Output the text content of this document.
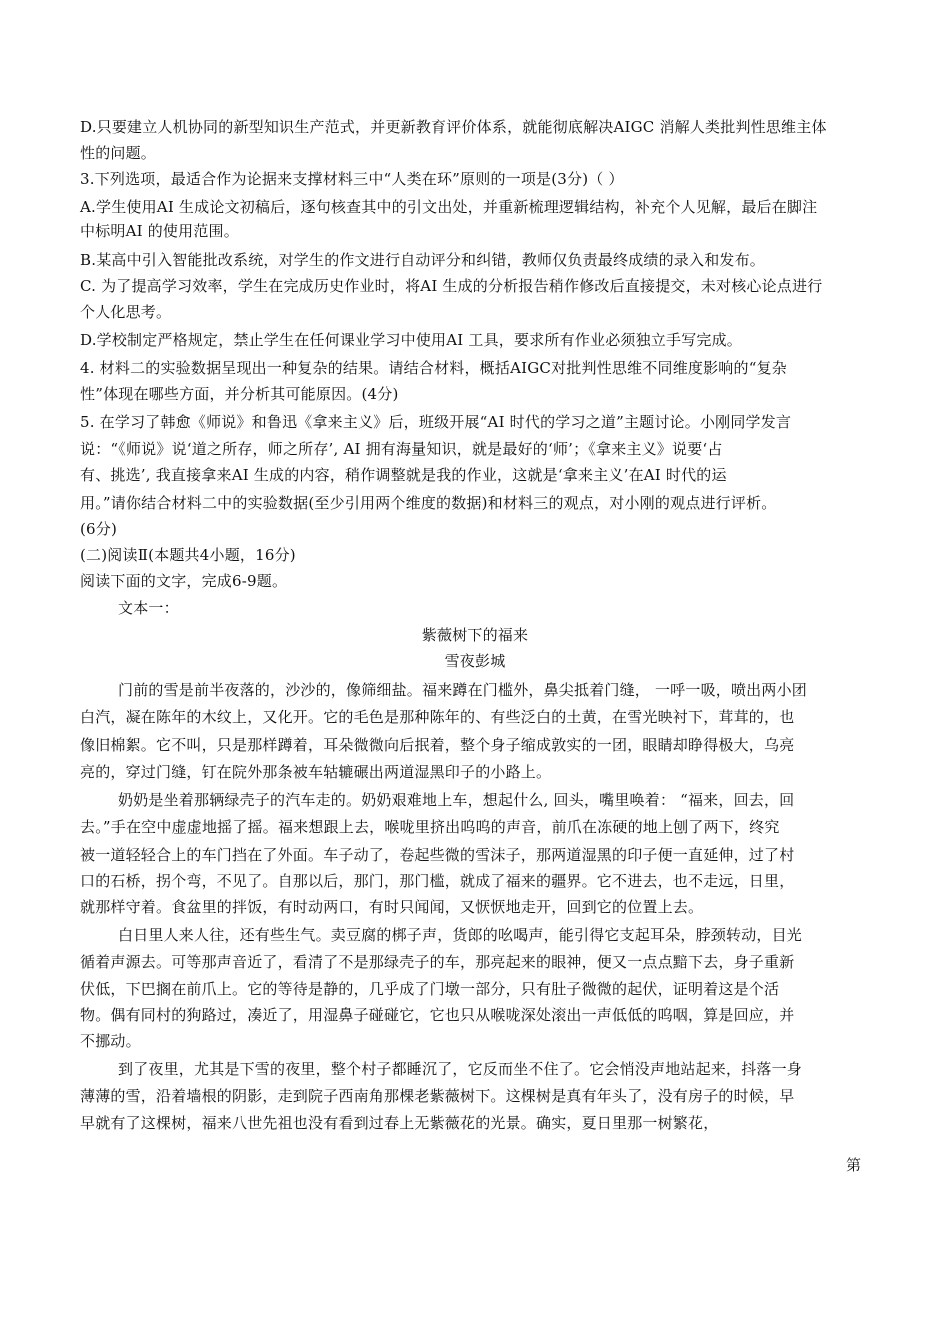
D.只要建立人机协同的新型知识生产范式，并更新教育评价体系，就能彻底解决AIGC 消解人类批判性思维主体
性的问题。
3.下列选项，最适合作为论据来支撑材料三中“人类在环”原则的一项是(3分)（ ）
A.学生使用AI 生成论文初稿后，逐句核查其中的引文出处，并重新梳理逻辑结构，补充个人见解，最后在脚注
中标明AI 的使用范围。
B.某高中引入智能批改系统，对学生的作文进行自动评分和纠错，教师仅负责最终成绩的录入和发布。
C. 为了提高学习效率，学生在完成历史作业时，将AI 生成的分析报告稍作修改后直接提交，未对核心论点进行
个人化思考。
D.学校制定严格规定，禁止学生在任何课业学习中使用AI 工具，要求所有作业必须独立手写完成。
4. 材料二的实验数据呈现出一种复杂的结果。请结合材料，概括AIGC对批判性思维不同维度影响的“复杂
性”体现在哪些方面，并分析其可能原因。(4分)
5. 在学习了韩愈《师说》和鲁迅《拿来主义》后，班级开展“AI 时代的学习之道”主题讨论。小刚同学发言
说：“《师说》说‘道之所存，师之所存’, AI 拥有海量知识，就是最好的‘师’；《拿来主义》说要‘占
有、挑选’, 我直接拿来AI 生成的内容，稍作调整就是我的作业，这就是‘拿来主义’在AI 时代的运
用。”请你结合材料二中的实验数据(至少引用两个维度的数据)和材料三的观点，对小刚的观点进行评析。
(6分)
(二)阅读Ⅱ(本题共4小题，16分)
阅读下面的文字，完成6-9题。
文本一：
紫薇树下的福来
雪夜彭城
门前的雪是前半夜落的，沙沙的，像筛细盐。福来蹲在门槛外，鼻尖抵着门缝， 一呼一吸，喷出两小团
白汽，凝在陈年的木纹上，又化开。它的毛色是那种陈年的、有些泛白的土黄，在雪光映衬下，茸茸的，也
像旧棉絮。它不叫，只是那样蹲着，耳朵微微向后抿着，整个身子缩成敦实的一团，眼睛却睁得极大，乌亮
亮的，穿过门缝，钉在院外那条被车轱辘碾出两道湿黑印子的小路上。
奶奶是坐着那辆绿壳子的汽车走的。奶奶艰难地上车，想起什么, 回头，嘴里唤着： “福来，回去，回
去。”手在空中虚虚地摇了摇。福来想跟上去，喉咙里挤出呜呜的声音，前爪在冻硬的地上刨了两下，终究
被一道轻轻合上的车门挡在了外面。车子动了，卷起些微的雪沫子，那两道湿黑的印子便一直延伸，过了村
口的石桥，拐个弯，不见了。自那以后，那门，那门槛，就成了福来的疆界。它不进去，也不走远，日里，
就那样守着。食盆里的拌饭，有时动两口，有时只闻闻，又恹恹地走开，回到它的位置上去。
白日里人来人往，还有些生气。卖豆腐的梆子声，货郎的吆喝声，能引得它支起耳朵，脖颈转动，目光
循着声源去。可等那声音近了，看清了不是那绿壳子的车，那亮起来的眼神，便又一点点黯下去，身子重新
伏低，下巴搁在前爪上。它的等待是静的，几乎成了门墩一部分，只有肚子微微的起伏，证明着这是个活
物。偶有同村的狗路过，凑近了，用湿鼻子碰碰它，它也只从喉咙深处滚出一声低低的呜咽，算是回应，并
不挪动。
到了夜里，尤其是下雪的夜里，整个村子都睡沉了，它反而坐不住了。它会悄没声地站起来，抖落一身
薄薄的雪，沿着墙根的阴影，走到院子西南角那棵老紫薇树下。这棵树是真有年头了，没有房子的时候，早
早就有了这棵树，福来八世先祖也没有看到过春上无紫薇花的光景。确实，夏日里那一树繁花，
第
